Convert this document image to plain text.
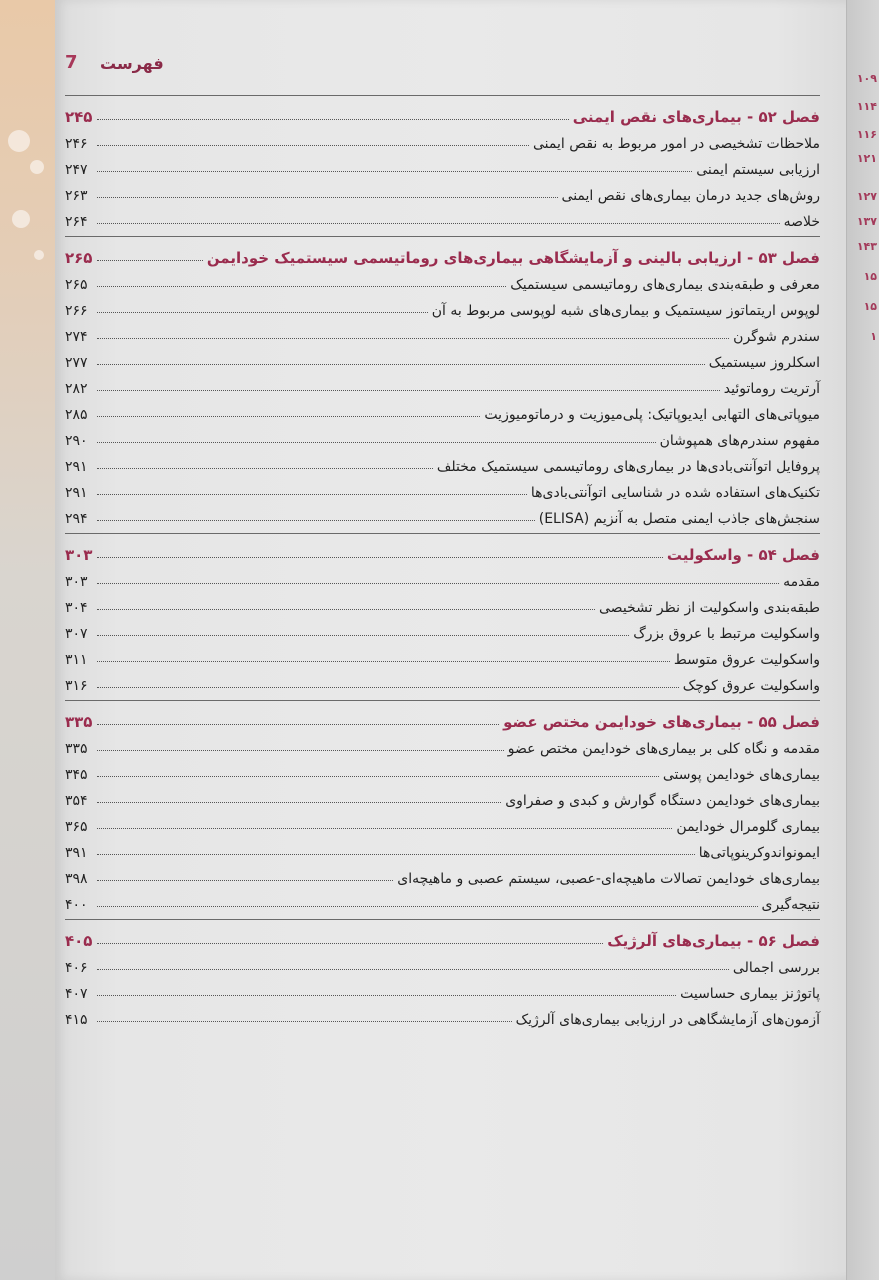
۱۰۹
۱۱۴
۱۱۶
۱۲۱
۱۲۷
۱۳۷
۱۴۳
۱۵
۱۵
۱
7 فهرست
فصل ۵۲ - بیماری‌های نقص ایمنی
۲۴۵
ملاحظات تشخیصی در امور مربوط به نقص ایمنی
۲۴۶
ارزیابی سیستم ایمنی
۲۴۷
روش‌های جدید درمان بیماری‌های نقص ایمنی
۲۶۳
خلاصه
۲۶۴
فصل ۵۳ - ارزیابی بالینی و آزمایشگاهی بیماری‌های روماتیسمی سیستمیک خودایمن
۲۶۵
معرفی و طبقه‌بندی بیماری‌های روماتیسمی سیستمیک
۲۶۵
لوپوس اریتماتوز سیستمیک و بیماری‌های شبه لوپوسی مربوط به آن
۲۶۶
سندرم شوگرن
۲۷۴
اسکلروز سیستمیک
۲۷۷
آرتریت روماتوئید
۲۸۲
میوپاتی‌های التهابی ایدیوپاتیک: پلی‌میوزیت و درماتومیوزیت
۲۸۵
مفهوم سندرم‌های همپوشان
۲۹۰
پروفایل اتوآنتی‌بادی‌ها در بیماری‌های روماتیسمی سیستمیک مختلف
۲۹۱
تکنیک‌های استفاده شده در شناسایی اتوآنتی‌بادی‌ها
۲۹۱
سنجش‌های جاذب ایمنی متصل به آنزیم (ELISA)
۲۹۴
فصل ۵۴ - واسکولیت
۳۰۳
مقدمه
۳۰۳
طبقه‌بندی واسکولیت از نظر تشخیصی
۳۰۴
واسکولیت مرتبط با عروق بزرگ
۳۰۷
واسکولیت عروق متوسط
۳۱۱
واسکولیت عروق کوچک
۳۱۶
فصل ۵۵ - بیماری‌های خودایمن مختص عضو
۳۳۵
مقدمه و نگاه کلی بر بیماری‌های خودایمن مختص عضو
۳۳۵
بیماری‌های خودایمن پوستی
۳۴۵
بیماری‌های خودایمن دستگاه گوارش و کبدی و صفراوی
۳۵۴
بیماری گلومرال خودایمن
۳۶۵
ایمونواندوکرینوپاتی‌ها
۳۹۱
بیماری‌های خودایمن تصالات ماهیچه‌ای-عصبی، سیستم عصبی و ماهیچه‌ای
۳۹۸
نتیجه‌گیری
۴۰۰
فصل ۵۶ - بیماری‌های آلرژیک
۴۰۵
بررسی اجمالی
۴۰۶
پاتوژنز بیماری حساسیت
۴۰۷
آزمون‌های آزمایشگاهی در ارزیابی بیماری‌های آلرژیک
۴۱۵
